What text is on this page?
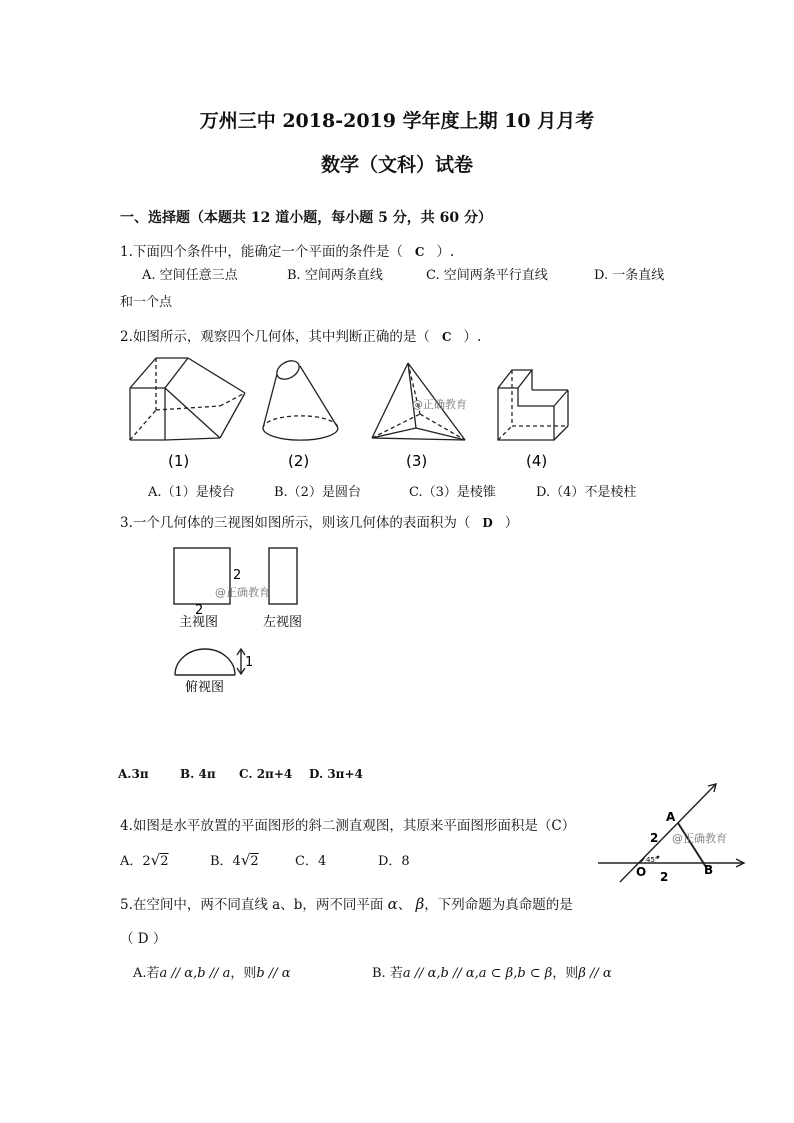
万州三中 2018-2019 学年度上期 10 月月考
数学（文科）试卷
一、选择题（本题共 12 道小题，每小题 5 分，共 60 分）
1.下面四个条件中，能确定一个平面的条件是（ C ）.
A. 空间任意三点	B. 空间两条直线	C. 空间两条平行直线	D. 一条直线
和一个点
2.如图所示，观察四个几何体，其中判断正确的是（ C ）.
@正确教育
(1)	(2)	(3)	(4)
A.（1）是棱台	B.（2）是圆台	C.（3）是棱锥	D.（4）不是棱柱
3.一个几何体的三视图如图所示，则该几何体的表面积为（ D ）
2
2
1
@正确教育
主视图	左视图
俯视图
A.3π	B. 4π C. 2π+4 D. 3π+4
4.如图是水平放置的平面图形的斜二测直观图，其原来平面图形面积是（C）
A．2√2	B．4√2	C．4	D．8
A
O	B
2
2
45°
@正确教育
5.在空间中，两不同直线 a、b，两不同平面 α、 β，下列命题为真命题的是
（ D ）
A.若a // α,b // a，则b // α	B. 若a // α,b // α,a ⊂ β,b ⊂ β，则β // α
